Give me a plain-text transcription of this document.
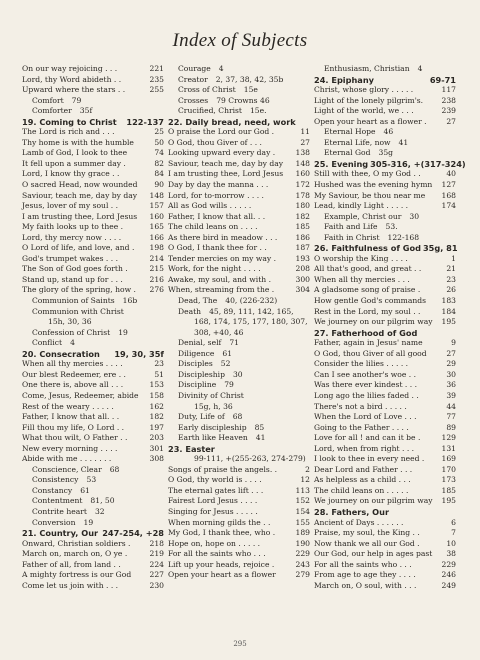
Index of Subjects
On our way rejoicing . . .	221
Lord, thy Word abideth . .	235
Upward where the stars . .	255
Comfort 79
Comforter 35f
19. Coming to Christ 122-137
The Lord is rich and . . .	25
Thy home is with the humble	50
Lamb of God, I look to thee	74
It fell upon a summer day .	82
Lord, I know thy grace . .	84
O sacred Head, now wounded 90
Saviour, teach me, day by day 148
Jesus, lover of my soul . .	157
I am trusting thee, Lord Jesus 160
My faith looks up to thee .	165
Lord, thy mercy now . . . .	166
O Lord of life, and love, and . 198
God's trumpet wakes . . .	214
The Son of God goes forth .	215
Stand up, stand up for . . .	216
The glory of the spring, how . 276
Communion of Saints 16b
Communion with Christ
15h, 30, 36
Confession of Christ 19
Conflict 4
20. Consecration 19, 30, 35f
When all thy mercies . . . .	23
Our blest Redeemer, ere . .	51
One there is, above all . . .	153
Come, Jesus, Redeemer, abide 158
Rest of the weary . . . . .	162
Father, I know that all. . .	182
Fill thou my life, O Lord . .	197
What thou wilt, O Father . .	203
New every morning . . . .	301
Abide with me . . . . . . .	308
Conscience, Clear 68
Consistency 53
Constancy 61
Contentment 81, 50
Contrite heart 32
Conversion 19
21. Country, Our 247-254, +28
Onward, Christian soldiers .	218
March on, march on, O ye .	219
Father of all, from land . .	224
A mighty fortress is our God 227
Come let us join with . . .	230
Courage 4
Creator 2, 37, 38, 42, 35b
Cross of Christ 15e
Crosses 79 Crowns 46
Crucified, Christ 15e.
22. Daily bread, need, work
O praise the Lord our God .	11
O God, thou Giver of . . .	27
Looking upward every day .	138
Saviour, teach me, day by day 148
I am trusting thee, Lord Jesus 160
Day by day the manna . . .	172
Lord, for to-morrow . . . .	178
All as God wills . . . . .	180
Father, I know that all. . .	182
The child leans on . . . .	185
As there bird in meadow . . . 186
O God, I thank thee for . .	187
Tender mercies on my way .	193
Work, for the night . . . .	208
Awake, my soul, and with .	300
When, streaming from the .	304
Dead, The 40, (226-232)
Death 45, 89, 111, 142, 165,
168, 174, 175, 177, 180, 307,
308, +40, 46
Denial, self 71
Diligence 61
Disciples 52
Discipleship 30
Discipline 79
Divinity of Christ
15g, h, 36
Duty, Life of 68
Early discipleship 85
Earth like Heaven 41
23. Easter
99-111, +(255-263, 274-279)
Songs of praise the angels. .	2
O God, thy world is . . . .	12
The eternal gates lift . . .	113
Fairest Lord Jesus . . . .	152
Singing for Jesus . . . . .	154
When morning gilds the . .	155
My God, I thank thee, who .	189
Hope on, hope on . . . . .	190
For all the saints who . . .	229
Lift up your heads, rejoice .	243
Open your heart as a flower	279
Enthusiasm, Christian 4
24. Epiphany	69-71
Christ, whose glory . . . . .	117
Light of the lonely pilgrim's. 238
Light of the world, we . . .	239
Open your heart as a flower .	27
Eternal Hope 46
Eternal Life, now 41
Eternal God 35g
25. Evening 305-316, +(317-324)
Still with thee, O my God . .	40
Hushed was the evening hymn 127
My Saviour, be thou near me 168
Lead, kindly Light . . . . .	174
Example, Christ our 30
Faith and Life 53.
Faith in Christ 122-168
26. Faithfulness of God 35g, 81
O worship the King . . . .	1
All that's good, and great . .	21
When all thy mercies . . .	23
A gladsome song of praise .	26
How gentle God's commands 183
Rest in the Lord, my soul . .	184
We journey on our pilgrim way 195
27. Fatherhood of God
Father, again in Jesus' name	9
O God, thou Giver of all good	27
Consider the lilies . . . . .	29
Can I see another's woe . .	30
Was there ever kindest . . .	36
Long ago the lilies faded . .	39
There's not a bird . . . . .	44
When the Lord of Love . . .	77
Going to the Father . . . .	89
Love for all ! and can it be .	129
Lord, when from right . . .	131
I look to thee in every need . 169
Dear Lord and Father . . .	170
As helpless as a child . . .	173
The child leans on . . . . .	185
We journey on our pilgrim way 195
28. Fathers, Our
Ancient of Days . . . . . .	6
Praise, my soul, the King . .	7
Now thank we all our God .	10
Our God, our help in ages past 38
For all the saints who . . .	229
From age to age they . . . .	246
March on, O soul, with . . .	249
295
